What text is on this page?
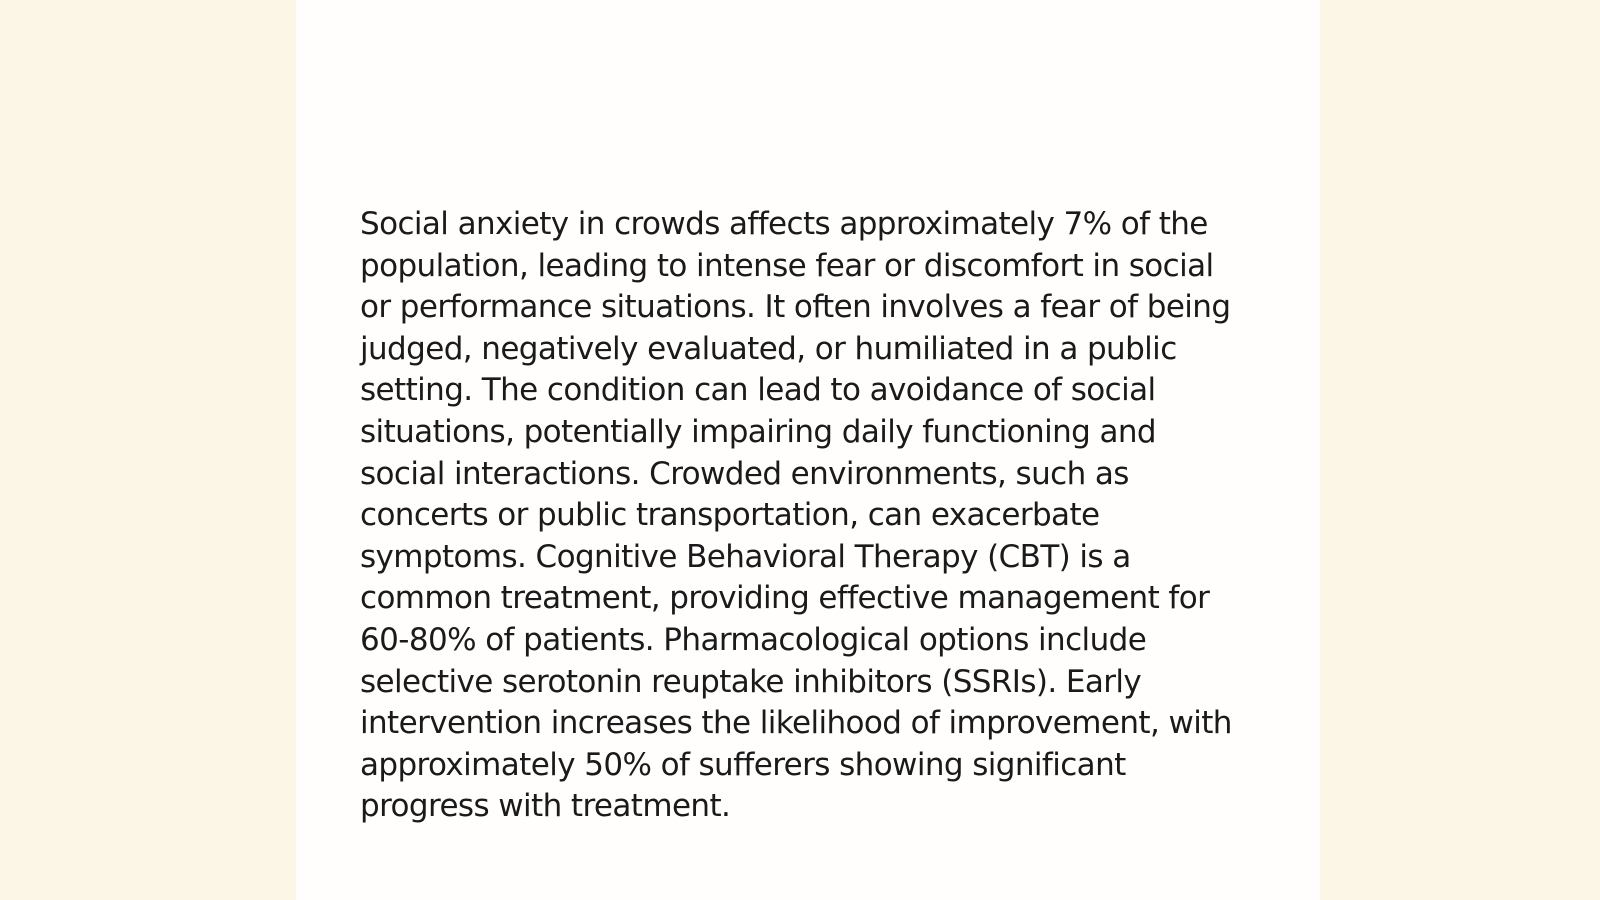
Social anxiety in crowds affects approximately 7% of the population, leading to intense fear or discomfort in social or performance situations. It often involves a fear of being judged, negatively evaluated, or humiliated in a public setting. The condition can lead to avoidance of social situations, potentially impairing daily functioning and social interactions. Crowded environments, such as concerts or public transportation, can exacerbate symptoms. Cognitive Behavioral Therapy (CBT) is a common treatment, providing effective management for 60-80% of patients. Pharmacological options include selective serotonin reuptake inhibitors (SSRIs). Early intervention increases the likelihood of improvement, with approximately 50% of sufferers showing significant progress with treatment.
